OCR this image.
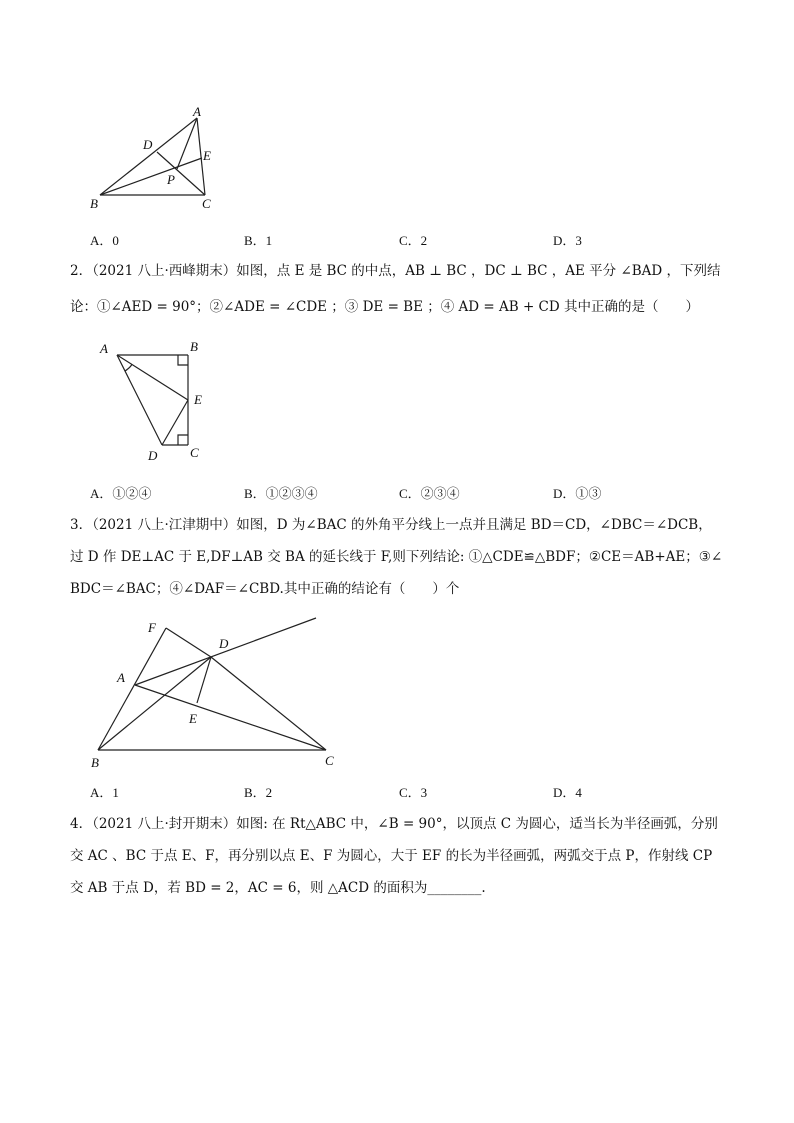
A
D
E
P
B	C
A．0	B．1	C．2	D．3
2．（2021 八上·西峰期末）如图，点 E 是 BC 的中点，AB ⊥ BC ，DC ⊥ BC ，AE 平分 ∠BAD ，下列结
论：①∠AED = 90°；②∠ADE = ∠CDE ；③ DE = BE ；④ AD = AB + CD 其中正确的是（　　）
A	B
E
D	C
A．①②④	B．①②③④	C．②③④	D．①③
3．（2021 八上·江津期中）如图，D 为∠BAC 的外角平分线上一点并且满足 BD＝CD，∠DBC＝∠DCB，
过 D 作 DE⊥AC 于 E,DF⊥AB 交 BA 的延长线于 F,则下列结论: ①△CDE≌△BDF；②CE＝AB+AE；③∠
BDC＝∠BAC；④∠DAF＝∠CBD.其中正确的结论有（　　）个
F
D
A
E
B	C
A．1	B．2	C．3	D．4
4．（2021 八上·封开期末）如图: 在 Rt△ABC 中，∠B = 90°，以顶点 C 为圆心，适当长为半径画弧，分别
交 AC 、BC 于点 E、F，再分别以点 E、F 为圆心，大于 EF 的长为半径画弧，两弧交于点 P，作射线 CP
交 AB 于点 D，若 BD = 2，AC = 6，则 △ACD 的面积为________.
